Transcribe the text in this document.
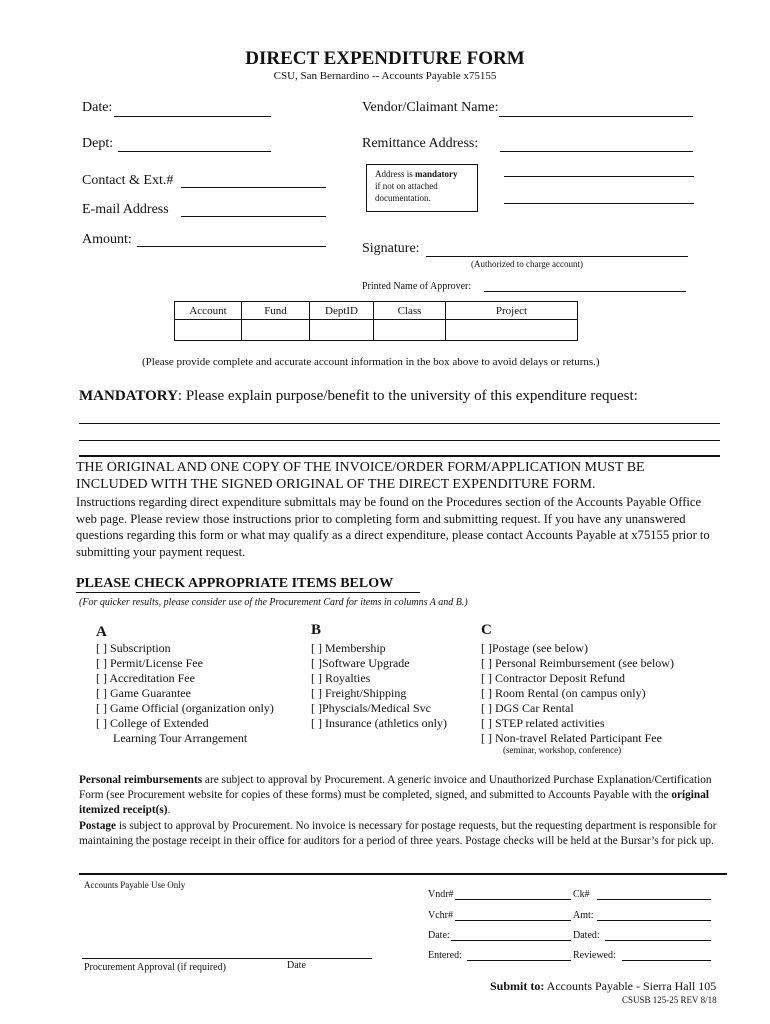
DIRECT EXPENDITURE FORM
CSU, San Bernardino -- Accounts Payable x75155
Date:
Dept:
Contact & Ext.#
E-mail Address
Amount:
Vendor/Claimant Name:
Remittance Address:
Address is mandatory
if not on attached documentation.
Signature:
(Authorized to charge account)
Printed Name of Approver:
Account	Fund	DeptID	Class	Project

(Please provide complete and accurate account information in the box above to avoid delays or returns.)
MANDATORY: Please explain purpose/benefit to the university of this expenditure request:
THE ORIGINAL AND ONE COPY OF THE INVOICE/ORDER FORM/APPLICATION MUST BE
INCLUDED WITH THE SIGNED ORIGINAL OF THE DIRECT EXPENDITURE FORM.
Instructions regarding direct expenditure submittals may be found on the Procedures section of the Accounts Payable Office web page. Please review those instructions prior to completing form and submitting request. If you have any unanswered questions regarding this form or what may qualify as a direct expenditure, please contact Accounts Payable at x75155 prior to submitting your payment request.
PLEASE CHECK APPROPRIATE ITEMS BELOW
(For quicker results, please consider use of the Procurement Card for items in columns A and B.)
A	B	C
[ ] Subscription
[ ] Permit/License Fee
[ ] Accreditation Fee
[ ] Game Guarantee
[ ] Game Official (organization only)
[ ] College of Extended
Learning Tour Arrangement
[ ] Membership
[ ]Software Upgrade
[ ] Royalties
[ ] Freight/Shipping
[ ]Physcials/Medical Svc
[ ] Insurance (athletics only)
[ ]Postage (see below)
[ ] Personal Reimbursement (see below)
[ ] Contractor Deposit Refund
[ ] Room Rental (on campus only)
[ ] DGS Car Rental
[ ] STEP related activities
[ ] Non-travel Related Participant Fee
(seminar, workshop, conference)
Personal reimbursements are subject to approval by Procurement. A generic invoice and Unauthorized Purchase Explanation/Certification Form (see Procurement website for copies of these forms) must be completed, signed, and submitted to Accounts Payable with the original itemized receipt(s).
Postage is subject to approval by Procurement. No invoice is necessary for postage requests, but the requesting department is responsible for maintaining the postage receipt in their office for auditors for a period of three years. Postage checks will be held at the Bursar’s for pick up.
Accounts Payable Use Only
Vndr#	Ck#
Vchr#	Amt:
Date:	Dated:
Entered:	Reviewed:
Procurement Approval (if required)	Date
Submit to: Accounts Payable - Sierra Hall 105
CSUSB 125-25 REV 8/18
